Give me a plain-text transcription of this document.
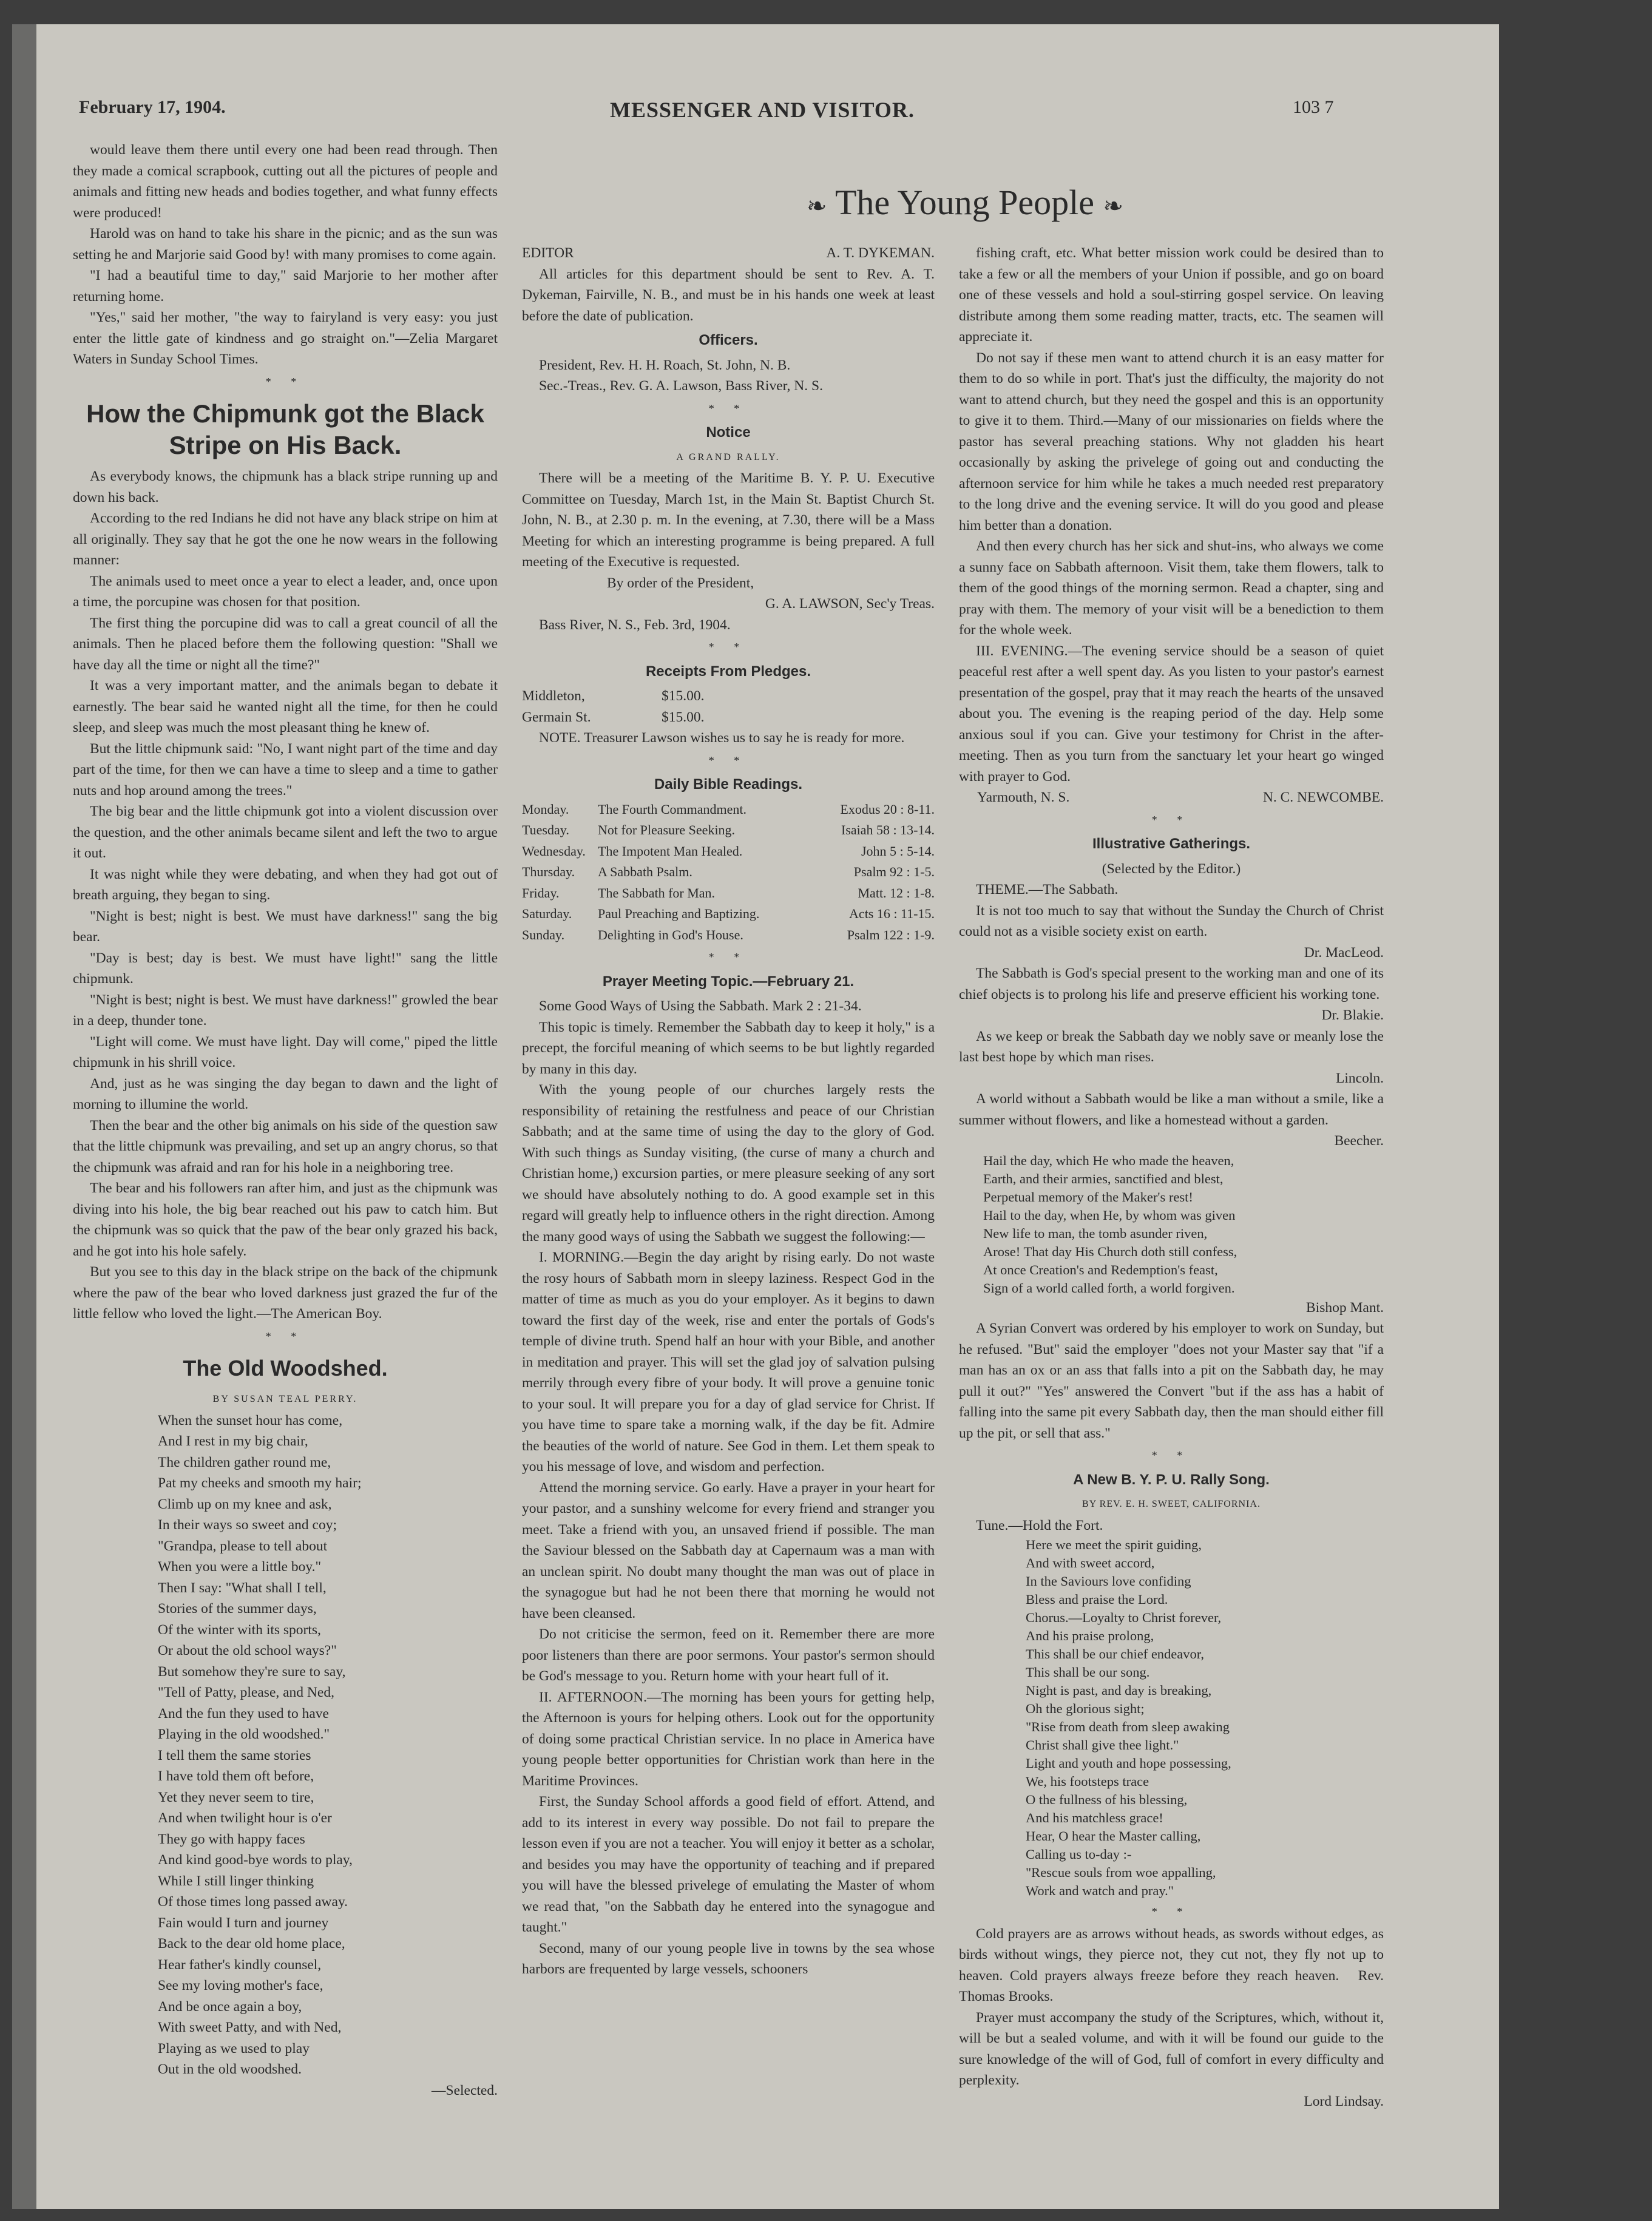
February 17, 1904.	MESSENGER AND VISITOR.	103 7

would leave them there until every one had been read through. Then they made a comical scrapbook, cutting out all the pictures of people and animals and fitting new heads and bodies together, and what funny effects were produced!

Harold was on hand to take his share in the picnic; and as the sun was setting he and Marjorie said Good by! with many promises to come again.

"I had a beautiful time to day," said Marjorie to her mother after returning home.

"Yes," said her mother, "the way to fairyland is very easy: you just enter the little gate of kindness and go straight on."—Zelia Margaret Waters in Sunday School Times.

* *
How the Chipmunk got the Black Stripe on His Back.

As everybody knows, the chipmunk has a black stripe running up and down his back.

According to the red Indians he did not have any black stripe on him at all originally. They say that he got the one he now wears in the following manner:

The animals used to meet once a year to elect a leader, and, once upon a time, the porcupine was chosen for that position.

The first thing the porcupine did was to call a great council of all the animals. Then he placed before them the following question: "Shall we have day all the time or night all the time?"

It was a very important matter, and the animals began to debate it earnestly. The bear said he wanted night all the time, for then he could sleep, and sleep was much the most pleasant thing he knew of.

But the little chipmunk said: "No, I want night part of the time and day part of the time, for then we can have a time to sleep and a time to gather nuts and hop around among the trees."

The big bear and the little chipmunk got into a violent discussion over the question, and the other animals became silent and left the two to argue it out.

It was night while they were debating, and when they had got out of breath arguing, they began to sing.

"Night is best; night is best. We must have darkness!" sang the big bear.

"Day is best; day is best. We must have light!" sang the little chipmunk.

"Night is best; night is best. We must have darkness!" growled the bear in a deep, thunder tone.

"Light will come. We must have light. Day will come," piped the little chipmunk in his shrill voice.

And, just as he was singing the day began to dawn and the light of morning to illumine the world.

Then the bear and the other big animals on his side of the question saw that the little chipmunk was prevailing, and set up an angry chorus, so that the chipmunk was afraid and ran for his hole in a neighboring tree.

The bear and his followers ran after him, and just as the chipmunk was diving into his hole, the big bear reached out his paw to catch him. But the chipmunk was so quick that the paw of the bear only grazed his back, and he got into his hole safely.

But you see to this day in the black stripe on the back of the chipmunk where the paw of the bear who loved darkness just grazed the fur of the little fellow who loved the light.—The American Boy.

* *
The Old Woodshed.

BY SUSAN TEAL PERRY.

When the sunset hour has come,

And I rest in my big chair,

The children gather round me,

Pat my cheeks and smooth my hair;

Climb up on my knee and ask,

In their ways so sweet and coy;

"Grandpa, please to tell about

When you were a little boy."

Then I say: "What shall I tell,

Stories of the summer days,

Of the winter with its sports,

Or about the old school ways?"

But somehow they're sure to say,

"Tell of Patty, please, and Ned,

And the fun they used to have

Playing in the old woodshed."

I tell them the same stories

I have told them oft before,

Yet they never seem to tire,

And when twilight hour is o'er

They go with happy faces

And kind good-bye words to play,

While I still linger thinking

Of those times long passed away.

Fain would I turn and journey

Back to the dear old home place,

Hear father's kindly counsel,

See my loving mother's face,

And be once again a boy,

With sweet Patty, and with Ned,

Playing as we used to play

Out in the old woodshed.

—Selected.

❧ The Young People ❧

EDITOR	A. T. DYKEMAN.

All articles for this department should be sent to Rev. A. T. Dykeman, Fairville, N. B., and must be in his hands one week at least before the date of publication.

Officers.

President, Rev. H. H. Roach, St. John, N. B.

Sec.-Treas., Rev. G. A. Lawson, Bass River, N. S.

* *
Notice

A GRAND RALLY.

There will be a meeting of the Maritime B. Y. P. U. Executive Committee on Tuesday, March 1st, in the Main St. Baptist Church St. John, N. B., at 2.30 p. m. In the evening, at 7.30, there will be a Mass Meeting for which an interesting programme is being prepared. A full meeting of the Executive is requested.

By order of the President,

G. A. LAWSON, Sec'y Treas.

Bass River, N. S., Feb. 3rd, 1904.

* *
Receipts From Pledges.

Middleton,	$15.00.

Germain St.	$15.00.

NOTE. Treasurer Lawson wishes us to say he is ready for more.

* *
Daily Bible Readings.

Monday. The Fourth Commandment.	Exodus 20 : 8-11.

Tuesday. Not for Pleasure Seeking.	Isaiah 58 : 13-14.

Wednesday. The Impotent Man Healed.	John 5 : 5-14.

Thursday. A Sabbath Psalm.	Psalm 92 : 1-5.

Friday.	The Sabbath for Man.	Matt. 12 : 1-8.

Saturday. Paul Preaching and Baptizing.	Acts 16 : 11-15.

Sunday. Delighting in God's House.	Psalm 122 : 1-9.

* *
Prayer Meeting Topic.—February 21.

Some Good Ways of Using the Sabbath. Mark 2 : 21-34.

This topic is timely. Remember the Sabbath day to keep it holy," is a precept, the forciful meaning of which seems to be but lightly regarded by many in this day.

With the young people of our churches largely rests the responsibility of retaining the restfulness and peace of our Christian Sabbath; and at the same time of using the day to the glory of God. With such things as Sunday visiting, (the curse of many a church and Christian home,) excursion parties, or mere pleasure seeking of any sort we should have absolutely nothing to do. A good example set in this regard will greatly help to influence others in the right direction. Among the many good ways of using the Sabbath we suggest the following:—

I. MORNING.—Begin the day aright by rising early. Do not waste the rosy hours of Sabbath morn in sleepy laziness. Respect God in the matter of time as much as you do your employer. As it begins to dawn toward the first day of the week, rise and enter the portals of Gods's temple of divine truth. Spend half an hour with your Bible, and another in meditation and prayer. This will set the glad joy of salvation pulsing merrily through every fibre of your body. It will prove a genuine tonic to your soul. It will prepare you for a day of glad service for Christ. If you have time to spare take a morning walk, if the day be fit. Admire the beauties of the world of nature. See God in them. Let them speak to you his message of love, and wisdom and perfection.

Attend the morning service. Go early. Have a prayer in your heart for your pastor, and a sunshiny welcome for every friend and stranger you meet. Take a friend with you, an unsaved friend if possible. The man the Saviour blessed on the Sabbath day at Capernaum was a man with an unclean spirit. No doubt many thought the man was out of place in the synagogue but had he not been there that morning he would not have been cleansed.

Do not criticise the sermon, feed on it. Remember there are more poor listeners than there are poor sermons. Your pastor's sermon should be God's message to you. Return home with your heart full of it.

II. AFTERNOON.—The morning has been yours for getting help, the Afternoon is yours for helping others. Look out for the opportunity of doing some practical Christian service. In no place in America have young people better opportunities for Christian work than here in the Maritime Provinces.

First, the Sunday School affords a good field of effort. Attend, and add to its interest in every way possible. Do not fail to prepare the lesson even if you are not a teacher. You will enjoy it better as a scholar, and besides you may have the opportunity of teaching and if prepared you will have the blessed privelege of emulating the Master of whom we read that, "on the Sabbath day he entered into the synagogue and taught."

Second, many of our young people live in towns by the sea whose harbors are frequented by large vessels, schooners

fishing craft, etc. What better mission work could be desired than to take a few or all the members of your Union if possible, and go on board one of these vessels and hold a soul-stirring gospel service. On leaving distribute among them some reading matter, tracts, etc. The seamen will appreciate it.

Do not say if these men want to attend church it is an easy matter for them to do so while in port. That's just the difficulty, the majority do not want to attend church, but they need the gospel and this is an opportunity to give it to them. Third.—Many of our missionaries on fields where the pastor has several preaching stations. Why not gladden his heart occasionally by asking the privelege of going out and conducting the afternoon service for him while he takes a much needed rest preparatory to the long drive and the evening service. It will do you good and please him better than a donation.

And then every church has her sick and shut-ins, who always we come a sunny face on Sabbath afternoon. Visit them, take them flowers, talk to them of the good things of the morning sermon. Read a chapter, sing and pray with them. The memory of your visit will be a benediction to them for the whole week.

III. EVENING.—The evening service should be a season of quiet peaceful rest after a well spent day. As you listen to your pastor's earnest presentation of the gospel, pray that it may reach the hearts of the unsaved about you. The evening is the reaping period of the day. Help some anxious soul if you can. Give your testimony for Christ in the after-meeting. Then as you turn from the sanctuary let your heart go winged with prayer to God.

Yarmouth, N. S.	N. C. NEWCOMBE.

* *
Illustrative Gatherings.

(Selected by the Editor.)

THEME.—The Sabbath.

It is not too much to say that without the Sunday the Church of Christ could not as a visible society exist on earth.

Dr. MacLeod.

The Sabbath is God's special present to the working man and one of its chief objects is to prolong his life and preserve efficient his working tone.

Dr. Blakie.

As we keep or break the Sabbath day we nobly save or meanly lose the last best hope by which man rises.

Lincoln.

A world without a Sabbath would be like a man without a smile, like a summer without flowers, and like a homestead without a garden.

Beecher.

Hail the day, which He who made the heaven,

Earth, and their armies, sanctified and blest,

Perpetual memory of the Maker's rest!

Hail to the day, when He, by whom was given

New life to man, the tomb asunder riven,

Arose! That day His Church doth still confess,

At once Creation's and Redemption's feast,

Sign of a world called forth, a world forgiven.

Bishop Mant.

A Syrian Convert was ordered by his employer to work on Sunday, but he refused. "But" said the employer "does not your Master say that "if a man has an ox or an ass that falls into a pit on the Sabbath day, he may pull it out?" "Yes" answered the Convert "but if the ass has a habit of falling into the same pit every Sabbath day, then the man should either fill up the pit, or sell that ass."

* *
A New B. Y. P. U. Rally Song.

BY REV. E. H. SWEET, CALIFORNIA.

Tune.—Hold the Fort.

Here we meet the spirit guiding,

And with sweet accord,

In the Saviours love confiding

Bless and praise the Lord.

Chorus.—Loyalty to Christ forever,

And his praise prolong,

This shall be our chief endeavor,

This shall be our song.

Night is past, and day is breaking,

Oh the glorious sight;

"Rise from death from sleep awaking

Christ shall give thee light."

Light and youth and hope possessing,

We, his footsteps trace

O the fullness of his blessing,

And his matchless grace!

Hear, O hear the Master calling,

Calling us to-day :-

"Rescue souls from woe appalling,

Work and watch and pray."

* *

Cold prayers are as arrows without heads, as swords without edges, as birds without wings, they pierce not, they cut not, they fly not up to heaven. Cold prayers always freeze before they reach heaven. Rev. Thomas Brooks.

Prayer must accompany the study of the Scriptures, which, without it, will be but a sealed volume, and with it will be found our guide to the sure knowledge of the will of God, full of comfort in every difficulty and perplexity.

Lord Lindsay.
